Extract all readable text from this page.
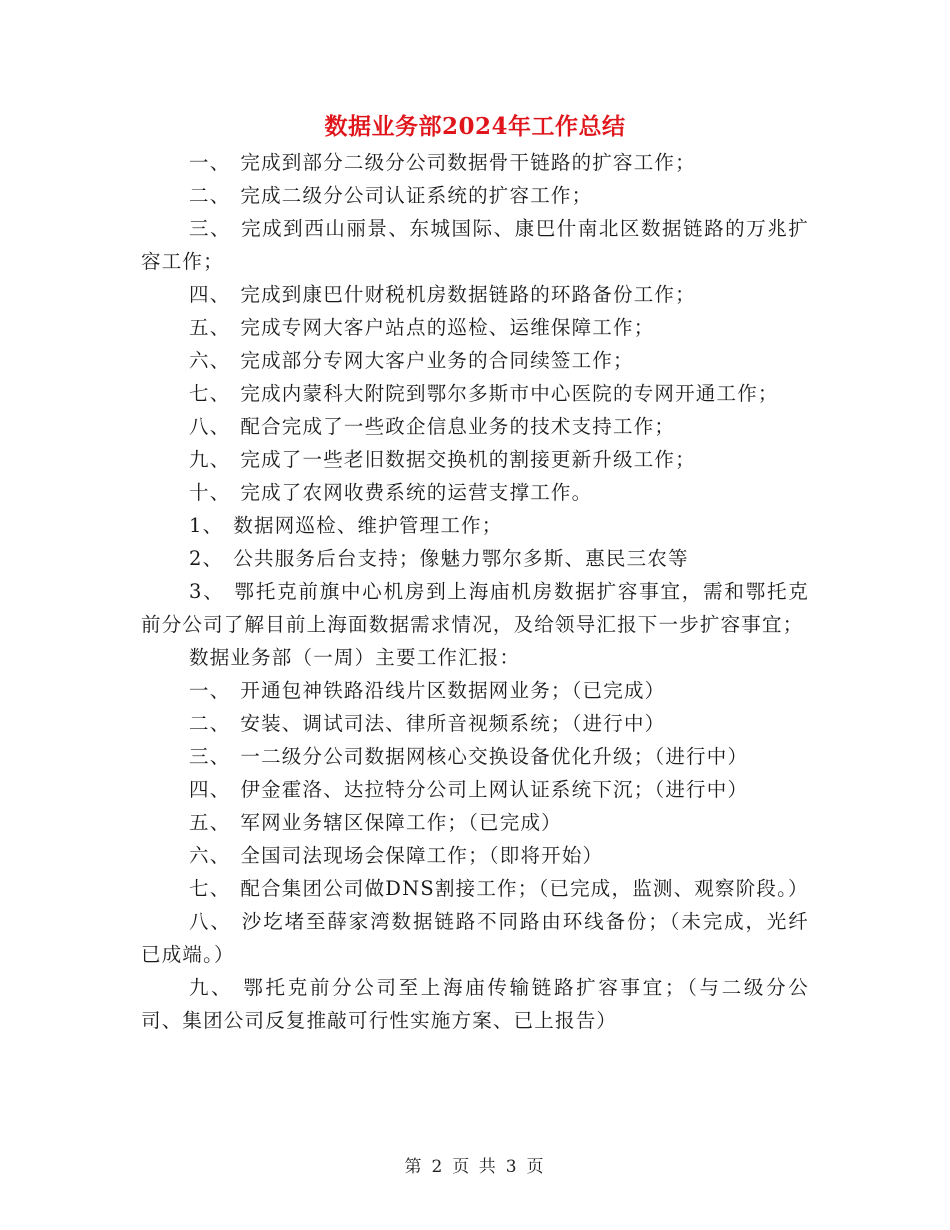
数据业务部2024年工作总结

一、 完成到部分二级分公司数据骨干链路的扩容工作；

二、 完成二级分公司认证系统的扩容工作；

三、 完成到西山丽景、东城国际、康巴什南北区数据链路的万兆扩容工作；

四、 完成到康巴什财税机房数据链路的环路备份工作；

五、 完成专网大客户站点的巡检、运维保障工作；

六、 完成部分专网大客户业务的合同续签工作；

七、 完成内蒙科大附院到鄂尔多斯市中心医院的专网开通工作；

八、 配合完成了一些政企信息业务的技术支持工作；

九、 完成了一些老旧数据交换机的割接更新升级工作；

十、 完成了农网收费系统的运营支撑工作。

1、 数据网巡检、维护管理工作；

2、 公共服务后台支持；像魅力鄂尔多斯、惠民三农等

3、 鄂托克前旗中心机房到上海庙机房数据扩容事宜，需和鄂托克前分公司了解目前上海面数据需求情况，及给领导汇报下一步扩容事宜；

数据业务部（一周）主要工作汇报：

一、 开通包神铁路沿线片区数据网业务；（已完成）

二、 安装、调试司法、律所音视频系统；（进行中）

三、 一二级分公司数据网核心交换设备优化升级；（进行中）

四、 伊金霍洛、达拉特分公司上网认证系统下沉；（进行中）

五、 军网业务辖区保障工作；（已完成）

六、 全国司法现场会保障工作；（即将开始）

七、 配合集团公司做DNS割接工作；（已完成，监测、观察阶段。）

八、 沙圪堵至薛家湾数据链路不同路由环线备份；（未完成，光纤已成端。）

九、 鄂托克前分公司至上海庙传输链路扩容事宜；（与二级分公司、集团公司反复推敲可行性实施方案、已上报告）

第 2 页 共 3 页
